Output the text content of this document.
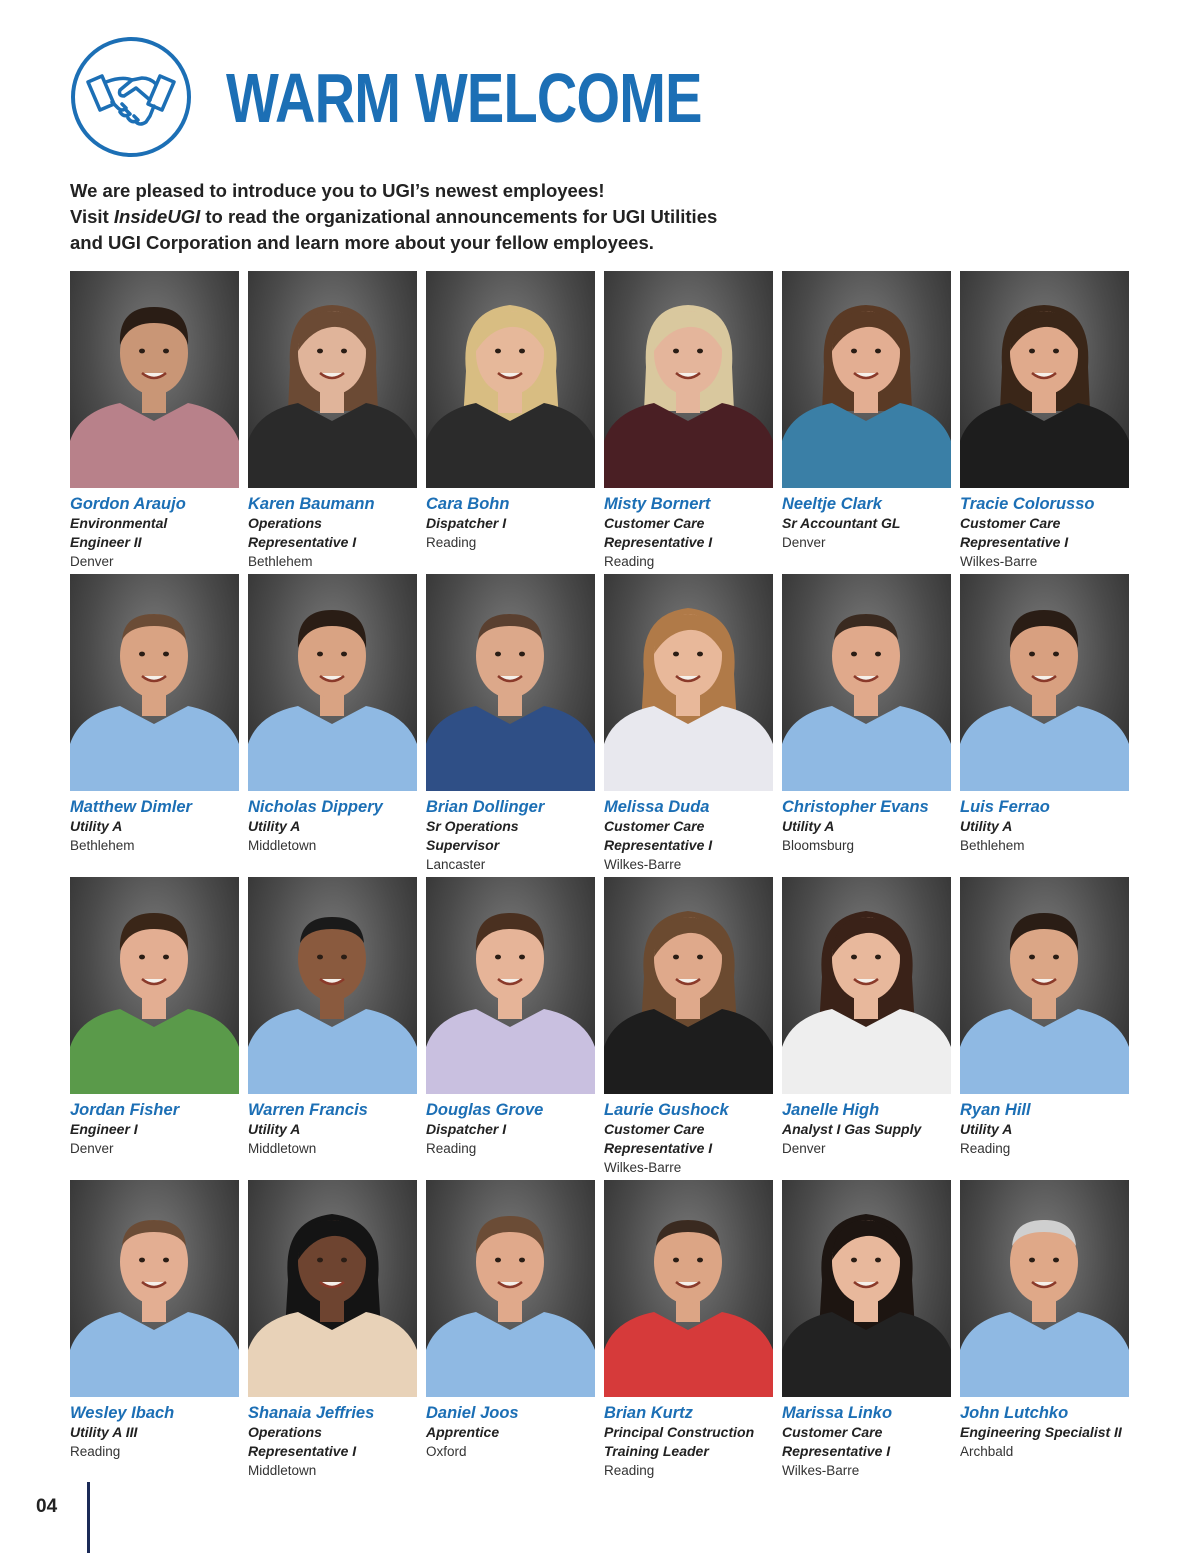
WARM WELCOME

We are pleased to introduce you to UGI’s newest employees!

Visit InsideUGI to read the organizational announcements for UGI Utilities

and UGI Corporation and learn more about your fellow employees.

Gordon Araujo
Environmental
Engineer II
Denver
Karen Baumann
Operations
Representative I
Bethlehem
Cara Bohn
Dispatcher I
Reading
Misty Bornert
Customer Care
Representative I
Reading
Neeltje Clark
Sr Accountant GL
Denver
Tracie Colorusso
Customer Care
Representative I
Wilkes-Barre
Matthew Dimler
Utility A
Bethlehem
Nicholas Dippery
Utility A
Middletown
Brian Dollinger
Sr Operations
Supervisor
Lancaster
Melissa Duda
Customer Care
Representative I
Wilkes-Barre
Christopher Evans
Utility A
Bloomsburg
Luis Ferrao
Utility A
Bethlehem
Jordan Fisher
Engineer I
Denver
Warren Francis
Utility A
Middletown
Douglas Grove
Dispatcher I
Reading
Laurie Gushock
Customer Care
Representative I
Wilkes-Barre
Janelle High
Analyst I Gas Supply
Denver
Ryan Hill
Utility A
Reading
Wesley Ibach
Utility A III
Reading
Shanaia Jeffries
Operations
Representative I
Middletown
Daniel Joos
Apprentice
Oxford
Brian Kurtz
Principal Construction
Training Leader
Reading
Marissa Linko
Customer Care
Representative I
Wilkes-Barre
John Lutchko
Engineering Specialist II
Archbald
04
